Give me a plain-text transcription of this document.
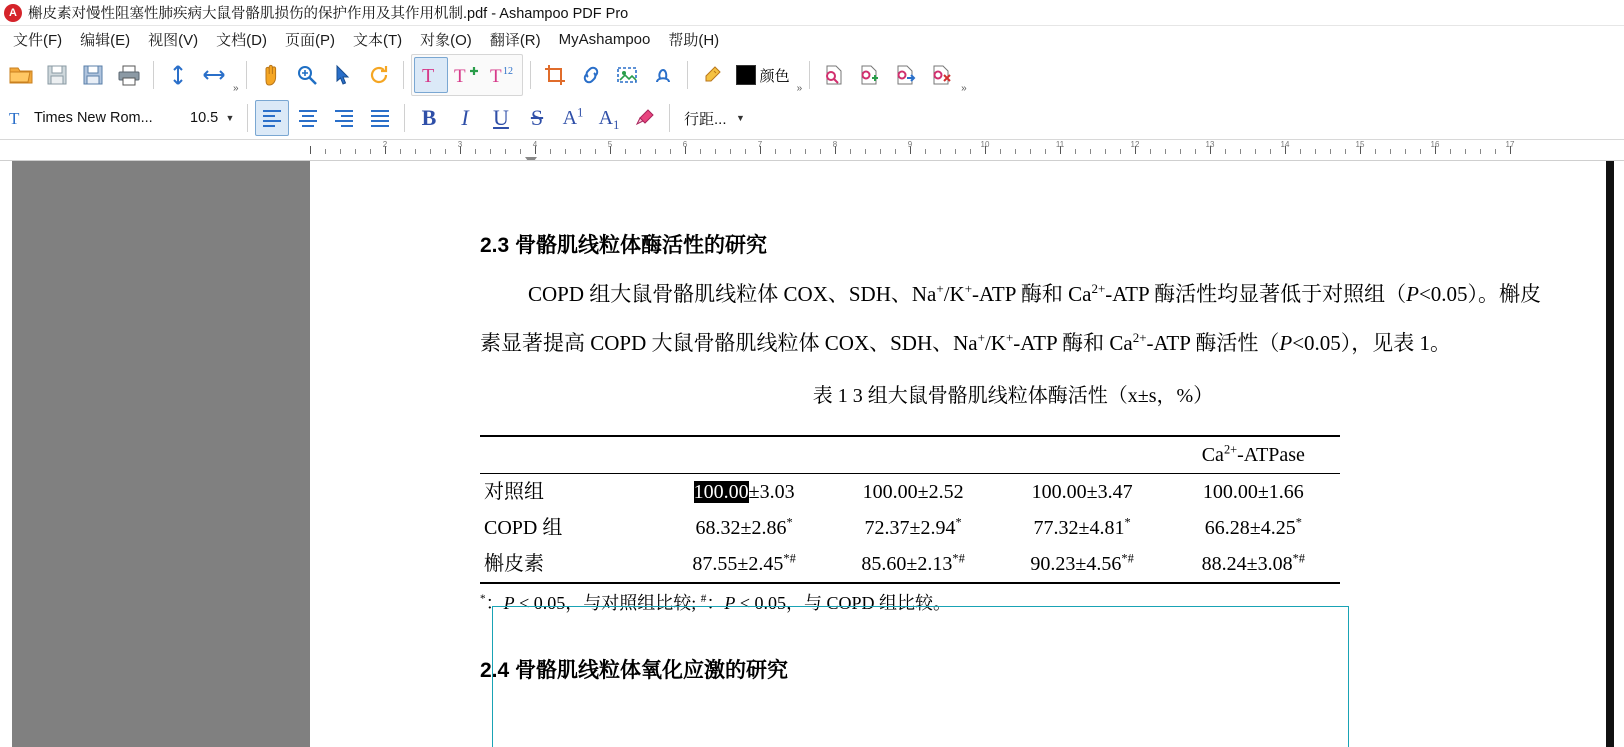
A 槲皮素对慢性阻塞性肺疾病大鼠骨骼肌损伤的保护作用及其作用机制.pdf - Ashampoo PDF Pro
文件(F)	编辑(E)	视图(V)	文档(D)	页面(P)	文本(T)	对象(O)	翻译(R)	MyAshampoo	帮助(H)
»
T T T 12	颜色
»	»
T Times New Rom...	10.5 ▼	B I U S $A^1$ $A_1$	行距...	▼
2	3	4	5	6	7	8	9	10	11	12	13	14	15	16	17
2.3 骨骼肌线粒体酶活性的研究
COPD 组大鼠骨骼肌线粒体 COX、SDH、Na+/K+-ATP 酶和 $Ca^{2+}$-ATP 酶活性均显著低于对照组（P<0.05）。槲皮素显著提高 COPD 大鼠骨骼肌线粒体 COX、SDH、Na+/K+-ATP 酶和 $Ca^{2+}$-ATP 酶活性（P<0.05），见表 1。
表 1 3 组大鼠骨骼肌线粒体酶活性（x±s，%）
				$Ca^{2+}$-ATPase
对照组	100.00±3.03	100.00±2.52	100.00±3.47	100.00±1.66
COPD 组	68.32±2.86*	72.37±2.94*	77.32±4.81*	66.28±4.25*
槲皮素	87.55±2.45*#	85.60±2.13*#	90.23±4.56*#	88.24±3.08*#
*：P < 0.05，与对照组比较; #：P < 0.05，与 COPD 组比较。
2.4 骨骼肌线粒体氧化应激的研究
